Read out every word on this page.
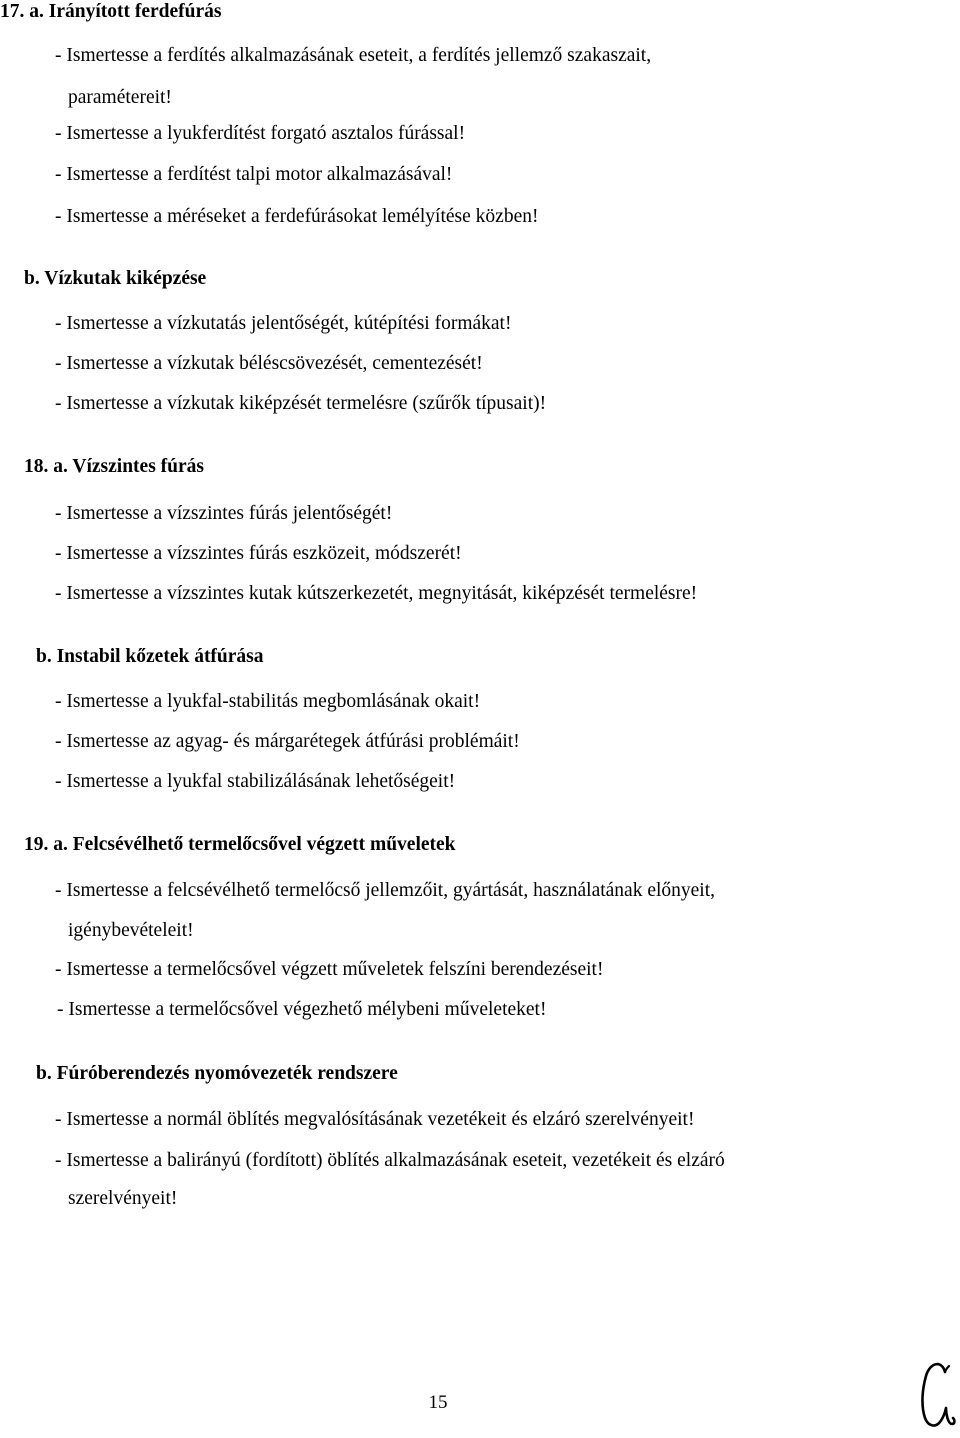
17. a. Irányított ferdefúrás
- Ismertesse a ferdítés alkalmazásának eseteit, a ferdítés jellemző szakaszait,
paramétereit!
- Ismertesse a lyukferdítést forgató asztalos fúrással!
- Ismertesse a ferdítést talpi motor alkalmazásával!
- Ismertesse a méréseket a ferdefúrásokat lemélyítése közben!
b. Vízkutak kiképzése
- Ismertesse a vízkutatás jelentőségét, kútépítési formákat!
- Ismertesse a vízkutak béléscsövezését, cementezését!
- Ismertesse a vízkutak kiképzését termelésre (szűrők típusait)!
18. a. Vízszintes fúrás
- Ismertesse a vízszintes fúrás jelentőségét!
- Ismertesse a vízszintes fúrás eszközeit, módszerét!
- Ismertesse a vízszintes kutak kútszerkezetét, megnyitását, kiképzését termelésre!
b. Instabil kőzetek átfúrása
- Ismertesse a lyukfal-stabilitás megbomlásának okait!
- Ismertesse az agyag- és márgarétegek átfúrási problémáit!
- Ismertesse a lyukfal stabilizálásának lehetőségeit!
19. a. Felcsévélhető termelőcsővel végzett műveletek
- Ismertesse a felcsévélhető termelőcső jellemzőit, gyártását, használatának előnyeit,
igénybevételeit!
- Ismertesse a termelőcsővel végzett műveletek felszíni berendezéseit!
- Ismertesse a termelőcsővel végezhető mélybeni műveleteket!
b. Fúróberendezés nyomóvezeték rendszere
- Ismertesse a normál öblítés megvalósításának vezetékeit és elzáró szerelvényeit!
- Ismertesse a balirányú (fordított) öblítés alkalmazásának eseteit, vezetékeit és elzáró
szerelvényeit!
15
